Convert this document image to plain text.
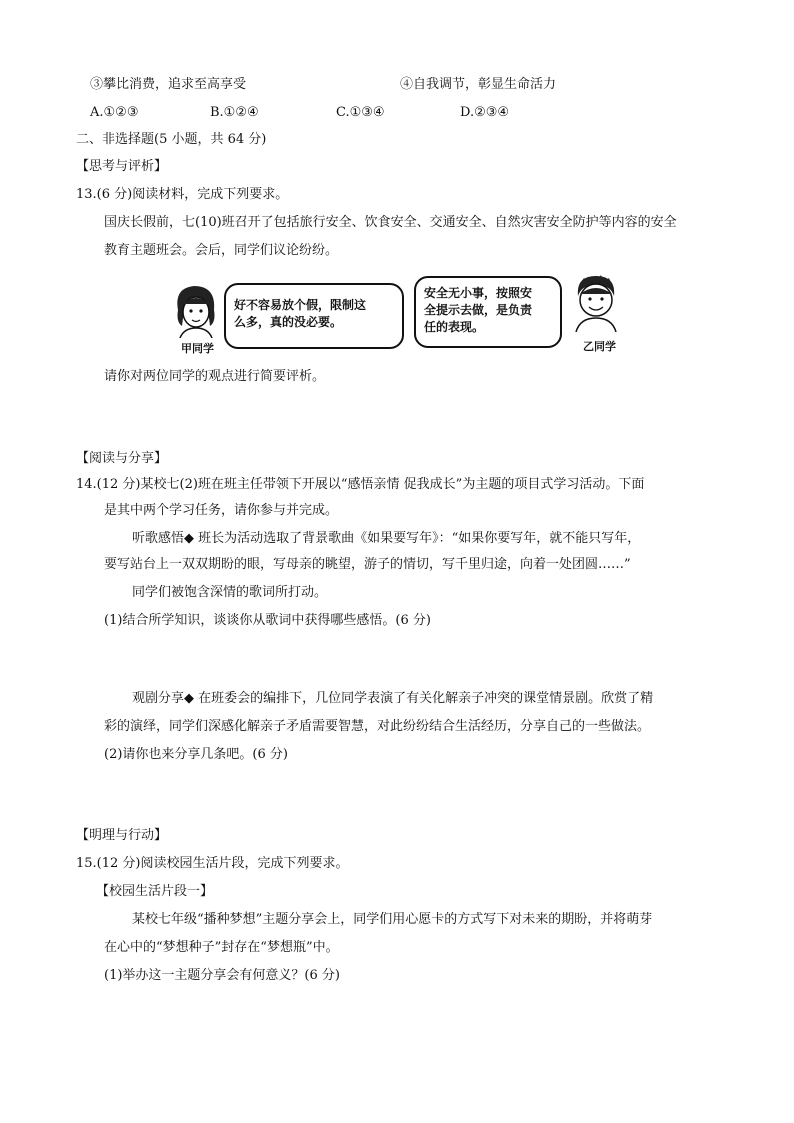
③攀比消费，追求至高享受	④自我调节，彰显生命活力
A.①②③	B.①②④	C.①③④	D.②③④
二、非选择题(5 小题，共 64 分)
【思考与评析】
13.(6 分)阅读材料，完成下列要求。
国庆长假前，七(10)班召开了包括旅行安全、饮食安全、交通安全、自然灾害安全防护等内容的安全
教育主题班会。会后，同学们议论纷纷。
甲同学
好不容易放个假，限制这
么多，真的没必要。
安全无小事，按照安
全提示去做，是负责
任的表现。
乙同学
请你对两位同学的观点进行简要评析。
【阅读与分享】
14.(12 分)某校七(2)班在班主任带领下开展以“感悟亲情 促我成长”为主题的项目式学习活动。下面
是其中两个学习任务，请你参与并完成。
听歌感悟◆ 班长为活动选取了背景歌曲《如果要写年》：“如果你要写年，就不能只写年，
要写站台上一双双期盼的眼，写母亲的眺望，游子的情切，写千里归途，向着一处团圆……”
同学们被饱含深情的歌词所打动。
(1)结合所学知识，谈谈你从歌词中获得哪些感悟。(6 分)
观剧分享◆ 在班委会的编排下，几位同学表演了有关化解亲子冲突的课堂情景剧。欣赏了精
彩的演绎，同学们深感化解亲子矛盾需要智慧，对此纷纷结合生活经历，分享自己的一些做法。
(2)请你也来分享几条吧。(6 分)
【明理与行动】
15.(12 分)阅读校园生活片段，完成下列要求。
【校园生活片段一】
某校七年级“播种梦想”主题分享会上，同学们用心愿卡的方式写下对未来的期盼，并将萌芽
在心中的“梦想种子”封存在“梦想瓶”中。
(1)举办这一主题分享会有何意义？(6 分)
